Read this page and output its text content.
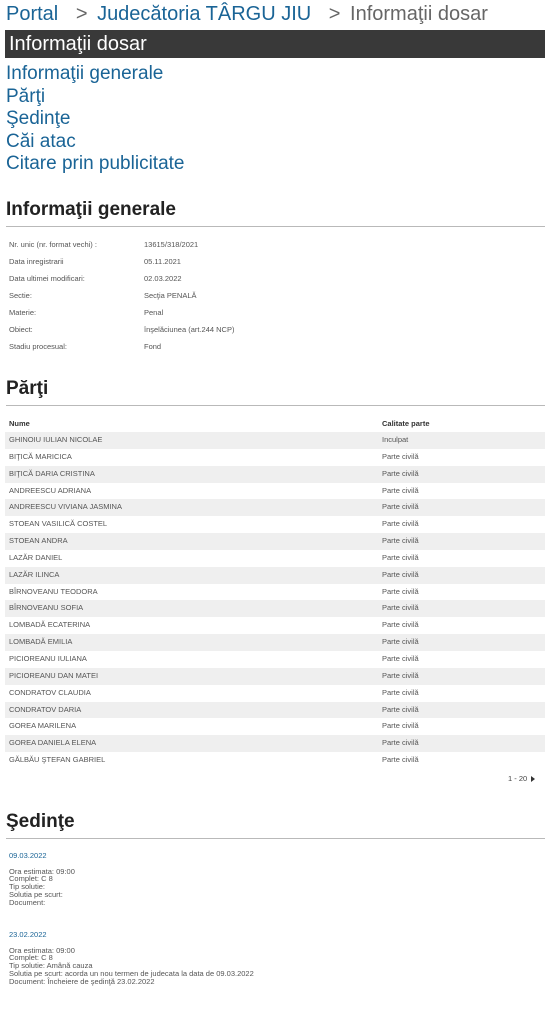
Portal > Judecătoria TÂRGU JIU > Informaţii dosar
Informaţii dosar
Informaţii generale
Părţi
Şedinţe
Căi atac
Citare prin publicitate
Informaţii generale
Nr. unic (nr. format vechi) :	13615/318/2021
Data inregistrarii	05.11.2021
Data ultimei modificari:	02.03.2022
Sectie:	Secţia PENALĂ
Materie:	Penal
Obiect:	înşelăciunea (art.244 NCP)
Stadiu procesual:	Fond
Părţi
Nume	Calitate parte
GHINOIU IULIAN NICOLAE	Inculpat
BIŢICĂ MARICICA	Parte civilă
BIŢICĂ DARIA CRISTINA	Parte civilă
ANDREESCU ADRIANA	Parte civilă
ANDREESCU VIVIANA JASMINA	Parte civilă
STOEAN VASILICĂ COSTEL	Parte civilă
STOEAN ANDRA	Parte civilă
LAZĂR DANIEL	Parte civilă
LAZĂR ILINCA	Parte civilă
BÎRNOVEANU TEODORA	Parte civilă
BÎRNOVEANU SOFIA	Parte civilă
LOMBADĂ ECATERINA	Parte civilă
LOMBADĂ EMILIA	Parte civilă
PICIOREANU IULIANA	Parte civilă
PICIOREANU DAN MATEI	Parte civilă
CONDRATOV CLAUDIA	Parte civilă
CONDRATOV DARIA	Parte civilă
GOREA MARILENA	Parte civilă
GOREA DANIELA ELENA	Parte civilă
GĂLBĂU ŞTEFAN GABRIEL	Parte civilă
1 - 20
Şedinţe
09.03.2022
Ora estimata: 09:00
Complet: C 8
Tip solutie:
Solutia pe scurt:
Document:
23.02.2022
Ora estimata: 09:00
Complet: C 8
Tip solutie: Amână cauza
Solutia pe scurt: acorda un nou termen de judecata la data de 09.03.2022
Document: Încheiere de şedinţă 23.02.2022
